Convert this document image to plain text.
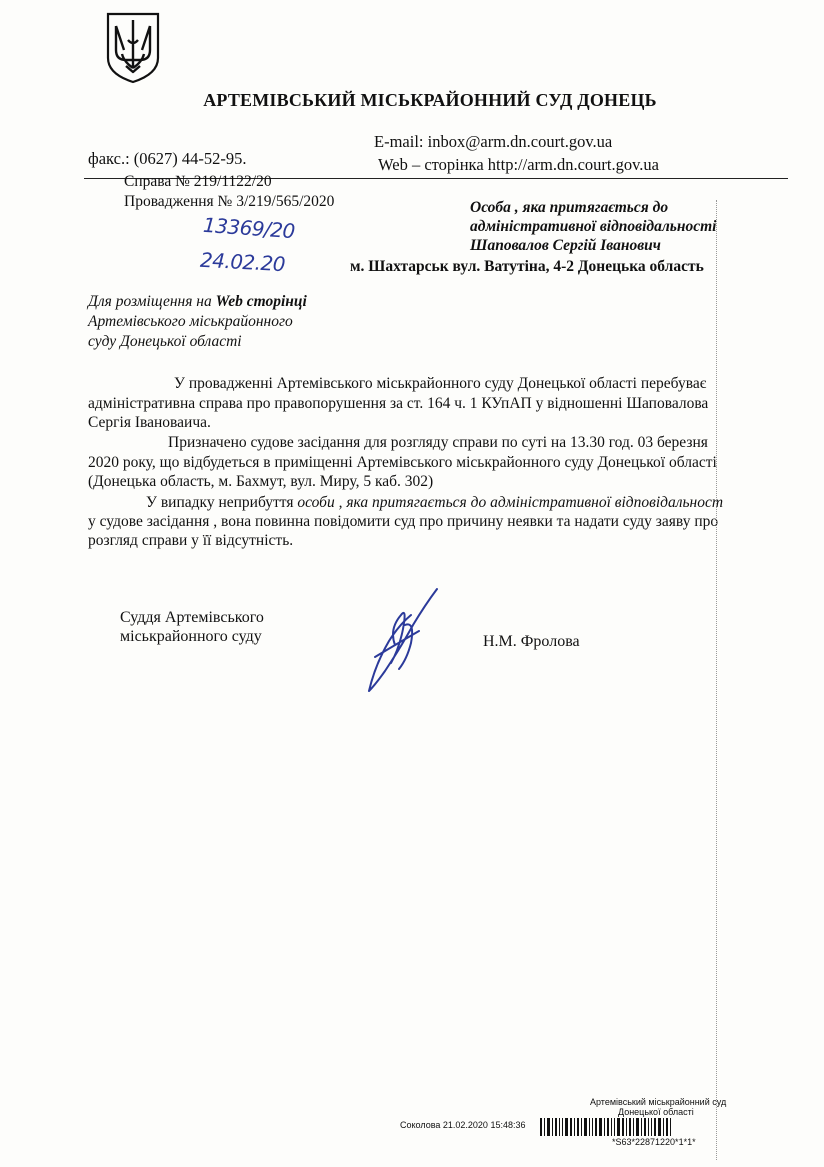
АРТЕМІВСЬКИЙ МІСЬКРАЙОННИЙ СУД ДОНЕЦЬ
E-mail: inbox@arm.dn.court.gov.ua
факс.: (0627) 44-52-95.	Web – сторінка http://arm.dn.court.gov.ua
Справа № 219/1122/20
Провадження № 3/219/565/2020
13369/20
24.02.20
Особа , яка притягається до
адміністративної відповідальності
Шаповалов Сергій Іванович
м. Шахтарськ вул. Ватутіна, 4-2 Донецька область
Для розміщення на Web сторінці
Артемівського міськрайонного
суду Донецької області
У провадженні Артемівського міськрайонного суду Донецької області перебуває
адміністративна справа про правопорушення за ст. 164 ч. 1 КУпАП у відношенні Шаповалова
Сергія Івановаича.
Призначено судове засідання для розгляду справи по суті на 13.30 год. 03 березня
2020 року, що відбудеться в приміщенні Артемівського міськрайонного суду Донецької області
(Донецька область, м. Бахмут, вул. Миру, 5 каб. 302)
У випадку неприбуття особи , яка притягається до адміністративної відповідальност
у судове засідання , вона повинна повідомити суд про причину неявки та надати суду заяву про
розгляд справи у її відсутність.
Суддя Артемівського
міськрайонного суду	Н.М. Фролова
Артемівський міськрайонний суд
Донецької області
Соколова 21.02.2020 15:48:36
*S63*22871220*1*1*
